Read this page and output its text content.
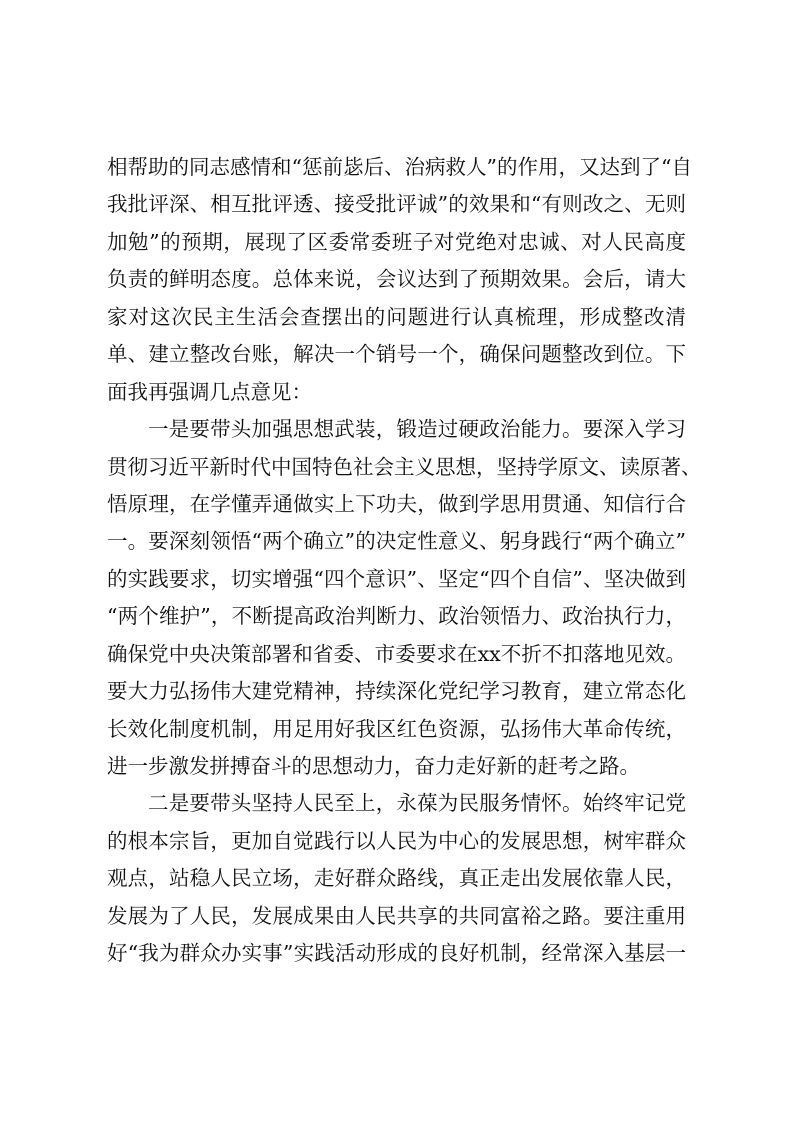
相帮助的同志感情和“惩前毖后、治病救人”的作用，又达到了“自
我批评深、相互批评透、接受批评诚”的效果和“有则改之、无则
加勉”的预期，展现了区委常委班子对党绝对忠诚、对人民高度
负责的鲜明态度。总体来说，会议达到了预期效果。会后，请大
家对这次民主生活会查摆出的问题进行认真梳理，形成整改清
单、建立整改台账，解决一个销号一个，确保问题整改到位。下
面我再强调几点意见：
一是要带头加强思想武装，锻造过硬政治能力。要深入学习
贯彻习近平新时代中国特色社会主义思想，坚持学原文、读原著、
悟原理，在学懂弄通做实上下功夫，做到学思用贯通、知信行合
一。要深刻领悟“两个确立”的决定性意义、躬身践行“两个确立”
的实践要求，切实增强“四个意识”、坚定“四个自信”、坚决做到
“两个维护”，不断提高政治判断力、政治领悟力、政治执行力，
确保党中央决策部署和省委、市委要求在xx不折不扣落地见效。
要大力弘扬伟大建党精神，持续深化党纪学习教育，建立常态化
长效化制度机制，用足用好我区红色资源，弘扬伟大革命传统，
进一步激发拼搏奋斗的思想动力，奋力走好新的赶考之路。
二是要带头坚持人民至上，永葆为民服务情怀。始终牢记党
的根本宗旨，更加自觉践行以人民为中心的发展思想，树牢群众
观点，站稳人民立场，走好群众路线，真正走出发展依靠人民，
发展为了人民，发展成果由人民共享的共同富裕之路。要注重用
好“我为群众办实事”实践活动形成的良好机制，经常深入基层一
